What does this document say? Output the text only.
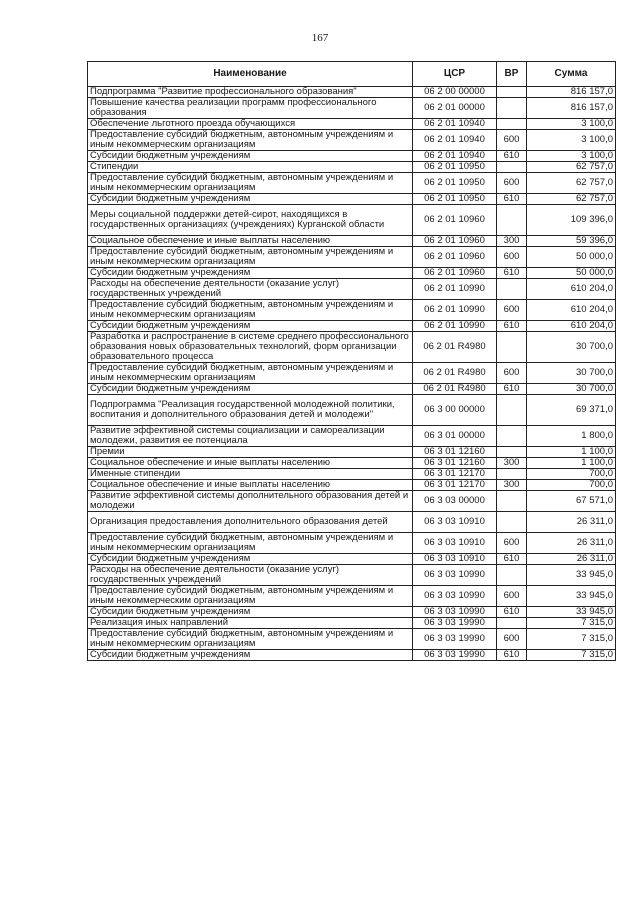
167
Наименование	ЦСР	ВР	Сумма
Подпрограмма "Развитие профессионального образования"	06 2 00 00000		816 157,0
Повышение качества реализации программ профессионального образования	06 2 01 00000		816 157,0
Обеспечение льготного проезда обучающихся	06 2 01 10940		3 100,0
Предоставление субсидий бюджетным, автономным учреждениям и иным некоммерческим организациям	06 2 01 10940	600	3 100,0
Субсидии бюджетным учреждениям	06 2 01 10940	610	3 100,0
Стипендии	06 2 01 10950		62 757,0
Предоставление субсидий бюджетным, автономным учреждениям и иным некоммерческим организациям	06 2 01 10950	600	62 757,0
Субсидии бюджетным учреждениям	06 2 01 10950	610	62 757,0
Меры социальной поддержки детей-сирот, находящихся в государственных организациях (учреждениях) Курганской области	06 2 01 10960		109 396,0
Социальное обеспечение и иные выплаты населению	06 2 01 10960	300	59 396,0
Предоставление субсидий бюджетным, автономным учреждениям и иным некоммерческим организациям	06 2 01 10960	600	50 000,0
Субсидии бюджетным учреждениям	06 2 01 10960	610	50 000,0
Расходы на обеспечение деятельности (оказание услуг) государственных учреждений	06 2 01 10990		610 204,0
Предоставление субсидий бюджетным, автономным учреждениям и иным некоммерческим организациям	06 2 01 10990	600	610 204,0
Субсидии бюджетным учреждениям	06 2 01 10990	610	610 204,0
Разработка и распространение в системе среднего профессионального образования новых образовательных технологий, форм организации образовательного процесса	06 2 01 R4980		30 700,0
Предоставление субсидий бюджетным, автономным учреждениям и иным некоммерческим организациям	06 2 01 R4980	600	30 700,0
Субсидии бюджетным учреждениям	06 2 01 R4980	610	30 700,0
Подпрограмма "Реализация государственной молодежной политики, воспитания и дополнительного образования детей и молодежи"	06 3 00 00000		69 371,0
Развитие эффективной системы социализации и самореализации молодежи, развития ее потенциала	06 3 01 00000		1 800,0
Премии	06 3 01 12160		1 100,0
Социальное обеспечение и иные выплаты населению	06 3 01 12160	300	1 100,0
Именные стипендии	06 3 01 12170		700,0
Социальное обеспечение и иные выплаты населению	06 3 01 12170	300	700,0
Развитие эффективной системы дополнительного образования детей и молодежи	06 3 03 00000		67 571,0
Организация предоставления дополнительного образования детей	06 3 03 10910		26 311,0
Предоставление субсидий бюджетным, автономным учреждениям и иным некоммерческим организациям	06 3 03 10910	600	26 311,0
Субсидии бюджетным учреждениям	06 3 03 10910	610	26 311,0
Расходы на обеспечение деятельности (оказание услуг) государственных учреждений	06 3 03 10990		33 945,0
Предоставление субсидий бюджетным, автономным учреждениям и иным некоммерческим организациям	06 3 03 10990	600	33 945,0
Субсидии бюджетным учреждениям	06 3 03 10990	610	33 945,0
Реализация иных направлений	06 3 03 19990		7 315,0
Предоставление субсидий бюджетным, автономным учреждениям и иным некоммерческим организациям	06 3 03 19990	600	7 315,0
Субсидии бюджетным учреждениям	06 3 03 19990	610	7 315,0
